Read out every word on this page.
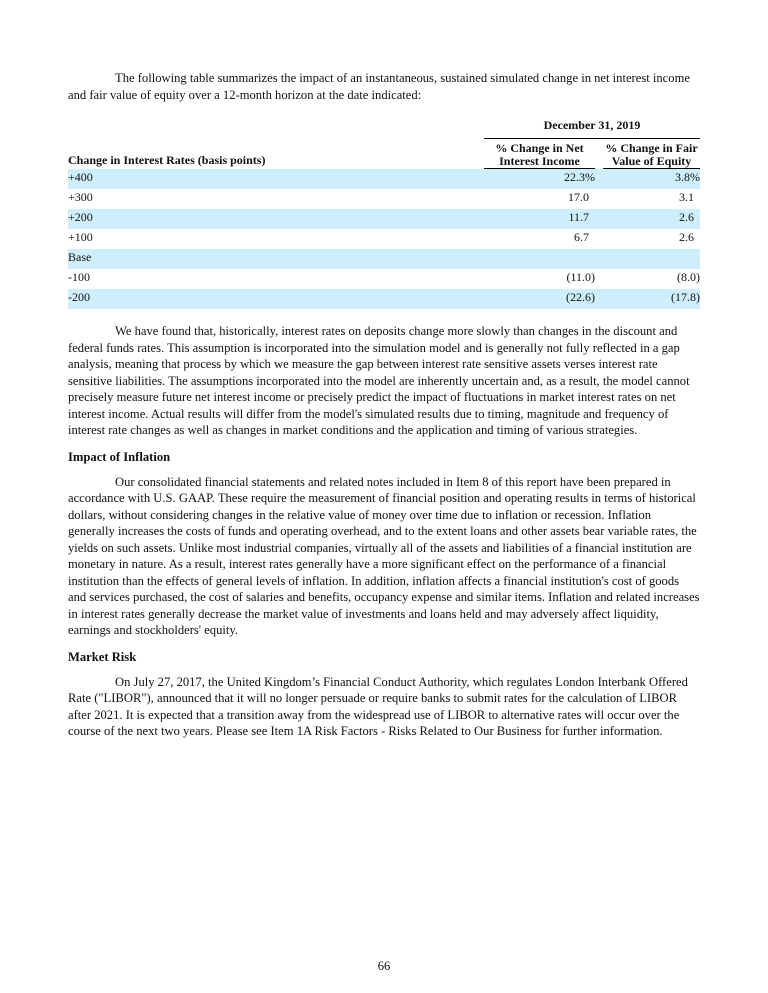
The following table summarizes the impact of an instantaneous, sustained simulated change in net interest income and fair value of equity over a 12-month horizon at the date indicated:

	December 31, 2019		
Change in Interest Rates (basis points)	% Change in Net
Interest Income		% Change in Fair
Value of Equity
+400	22.3%		3.8%
+300	17.0		3.1
+200	11.7		2.6
+100	6.7		2.6
Base			
-100	(11.0)		(8.0)
-200	(22.6)		(17.8)

We have found that, historically, interest rates on deposits change more slowly than changes in the discount and federal funds rates. This assumption is incorporated into the simulation model and is generally not fully reflected in a gap analysis, meaning that process by which we measure the gap between interest rate sensitive assets verses interest rate sensitive liabilities. The assumptions incorporated into the model are inherently uncertain and, as a result, the model cannot precisely measure future net interest income or precisely predict the impact of fluctuations in market interest rates on net interest income. Actual results will differ from the model's simulated results due to timing, magnitude and frequency of interest rate changes as well as changes in market conditions and the application and timing of various strategies.

Impact of Inflation

Our consolidated financial statements and related notes included in Item 8 of this report have been prepared in accordance with U.S. GAAP. These require the measurement of financial position and operating results in terms of historical dollars, without considering changes in the relative value of money over time due to inflation or recession. Inflation generally increases the costs of funds and operating overhead, and to the extent loans and other assets bear variable rates, the yields on such assets. Unlike most industrial companies, virtually all of the assets and liabilities of a financial institution are monetary in nature. As a result, interest rates generally have a more significant effect on the performance of a financial institution than the effects of general levels of inflation. In addition, inflation affects a financial institution's cost of goods and services purchased, the cost of salaries and benefits, occupancy expense and similar items. Inflation and related increases in interest rates generally decrease the market value of investments and loans held and may adversely affect liquidity, earnings and stockholders' equity.

Market Risk

On July 27, 2017, the United Kingdom’s Financial Conduct Authority, which regulates London Interbank Offered Rate ("LIBOR"), announced that it will no longer persuade or require banks to submit rates for the calculation of LIBOR after 2021. It is expected that a transition away from the widespread use of LIBOR to alternative rates will occur over the course of the next two years. Please see Item 1A Risk Factors - Risks Related to Our Business for further information.

66
